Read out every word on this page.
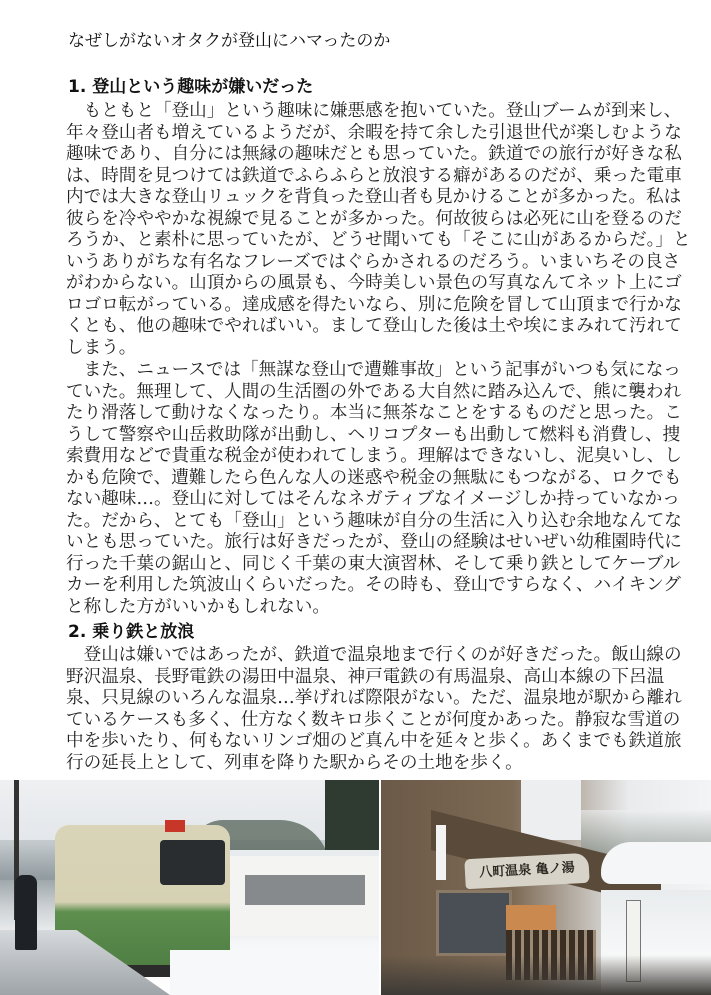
なぜしがないオタクが登山にハマったのか
1. 登山という趣味が嫌いだった
　もともと「登山」という趣味に嫌悪感を抱いていた。登山ブームが到来し、
年々登山者も増えているようだが、余暇を持て余した引退世代が楽しむような
趣味であり、自分には無縁の趣味だとも思っていた。鉄道での旅行が好きな私
は、時間を見つけては鉄道でふらふらと放浪する癖があるのだが、乗った電車
内では大きな登山リュックを背負った登山者も見かけることが多かった。私は
彼らを冷ややかな視線で見ることが多かった。何故彼らは必死に山を登るのだ
ろうか、と素朴に思っていたが、どうせ聞いても「そこに山があるからだ。」と
いうありがちな有名なフレーズではぐらかされるのだろう。いまいちその良さ
がわからない。山頂からの風景も、今時美しい景色の写真なんてネット上にゴ
ロゴロ転がっている。達成感を得たいなら、別に危険を冒して山頂まで行かな
くとも、他の趣味でやればいい。まして登山した後は土や埃にまみれて汚れて
しまう。
　また、ニュースでは「無謀な登山で遭難事故」という記事がいつも気になっ
ていた。無理して、人間の生活圏の外である大自然に踏み込んで、熊に襲われ
たり滑落して動けなくなったり。本当に無茶なことをするものだと思った。こ
うして警察や山岳救助隊が出動し、ヘリコプターも出動して燃料も消費し、捜
索費用などで貴重な税金が使われてしまう。理解はできないし、泥臭いし、し
かも危険で、遭難したら色んな人の迷惑や税金の無駄にもつながる、ロクでも
ない趣味…。登山に対してはそんなネガティブなイメージしか持っていなかっ
た。だから、とても「登山」という趣味が自分の生活に入り込む余地なんてな
いとも思っていた。旅行は好きだったが、登山の経験はせいぜい幼稚園時代に
行った千葉の鋸山と、同じく千葉の東大演習林、そして乗り鉄としてケーブル
カーを利用した筑波山くらいだった。その時も、登山ですらなく、ハイキング
と称した方がいいかもしれない。
2. 乗り鉄と放浪
　登山は嫌いではあったが、鉄道で温泉地まで行くのが好きだった。飯山線の
野沢温泉、長野電鉄の湯田中温泉、神戸電鉄の有馬温泉、高山本線の下呂温
泉、只見線のいろんな温泉…挙げれば際限がない。ただ、温泉地が駅から離れ
ているケースも多く、仕方なく数キロ歩くことが何度かあった。静寂な雪道の
中を歩いたり、何もないリンゴ畑のど真ん中を延々と歩く。あくまでも鉄道旅
行の延長上として、列車を降りた駅からその土地を歩く。
八町温泉 亀ノ湯
